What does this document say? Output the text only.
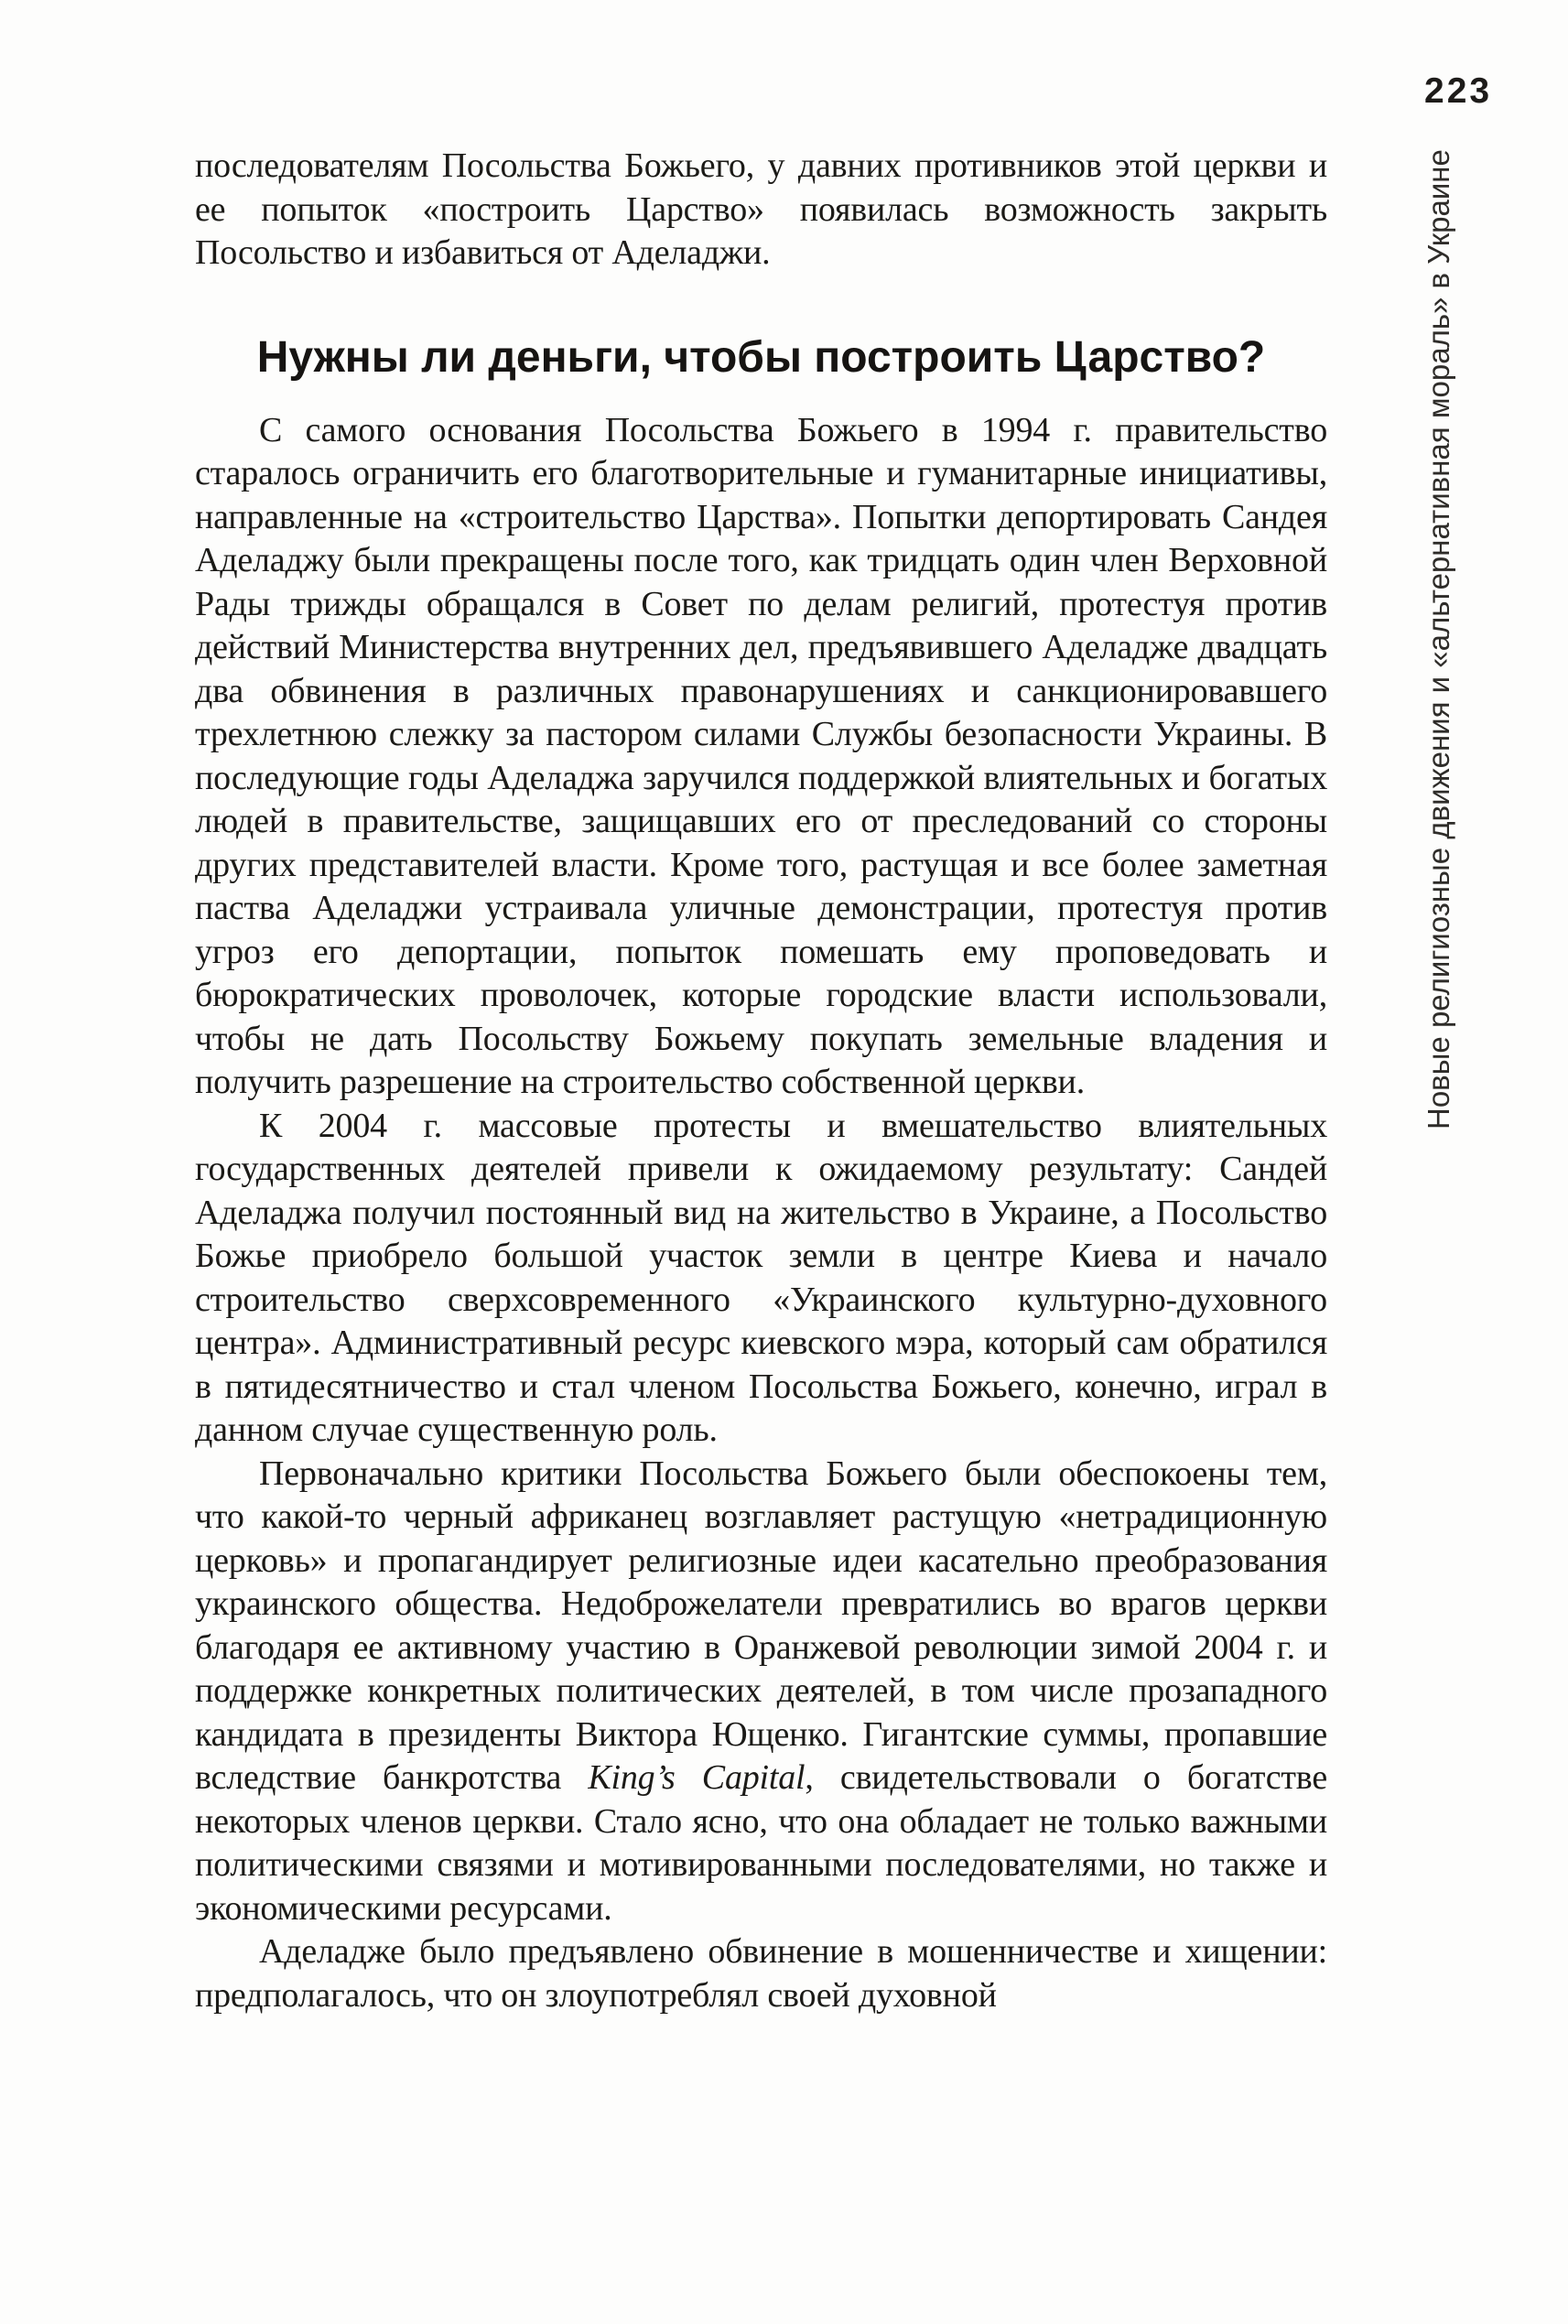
223
Новые религиозные движения и «альтернативная мораль» в Украине

последователям Посольства Божьего, у давних противников этой церкви и ее попыток «построить Царство» появилась возможность закрыть Посольство и избавиться от Аделаджи.

Нужны ли деньги, чтобы построить Царство?

С самого основания Посольства Божьего в 1994 г. правительство старалось ограничить его благотворительные и гуманитарные инициативы, направленные на «строительство Царства». Попытки депортировать Сандея Аделаджу были прекращены после того, как тридцать один член Верховной Рады трижды обращался в Совет по делам религий, протестуя против действий Министерства внутренних дел, предъявившего Аделадже двадцать два обвинения в различных правонарушениях и санкционировавшего трехлетнюю слежку за пастором силами Службы безопасности Украины. В последующие годы Аделаджа заручился поддержкой влиятельных и богатых людей в правительстве, защищавших его от преследований со стороны других представителей власти. Кроме того, растущая и все более заметная паства Аделаджи устраивала уличные демонстрации, протестуя против угроз его депортации, попыток помешать ему проповедовать и бюрократических проволочек, которые городские власти использовали, чтобы не дать Посольству Божьему покупать земельные владения и получить разрешение на строительство собственной церкви.

К 2004 г. массовые протесты и вмешательство влиятельных государственных деятелей привели к ожидаемому результату: Сандей Аделаджа получил постоянный вид на жительство в Украине, а Посольство Божье приобрело большой участок земли в центре Киева и начало строительство сверхсовременного «Украинского культурно-духовного центра». Административный ресурс киевского мэра, который сам обратился в пятидесятничество и стал членом Посольства Божьего, конечно, играл в данном случае существенную роль.

Первоначально критики Посольства Божьего были обеспокоены тем, что какой-то черный африканец возглавляет растущую «нетрадиционную церковь» и пропагандирует религиозные идеи касательно преобразования украинского общества. Недоброжелатели превратились во врагов церкви благодаря ее активному участию в Оранжевой революции зимой 2004 г. и поддержке конкретных политических деятелей, в том числе прозападного кандидата в президенты Виктора Ющенко. Гигантские суммы, пропавшие вследствие банкротства King’s Capital, свидетельствовали о богатстве некоторых членов церкви. Стало ясно, что она обладает не только важными политическими связями и мотивированными последователями, но также и экономическими ресурсами.

Аделадже было предъявлено обвинение в мошенничестве и хищении: предполагалось, что он злоупотреблял своей духовной
